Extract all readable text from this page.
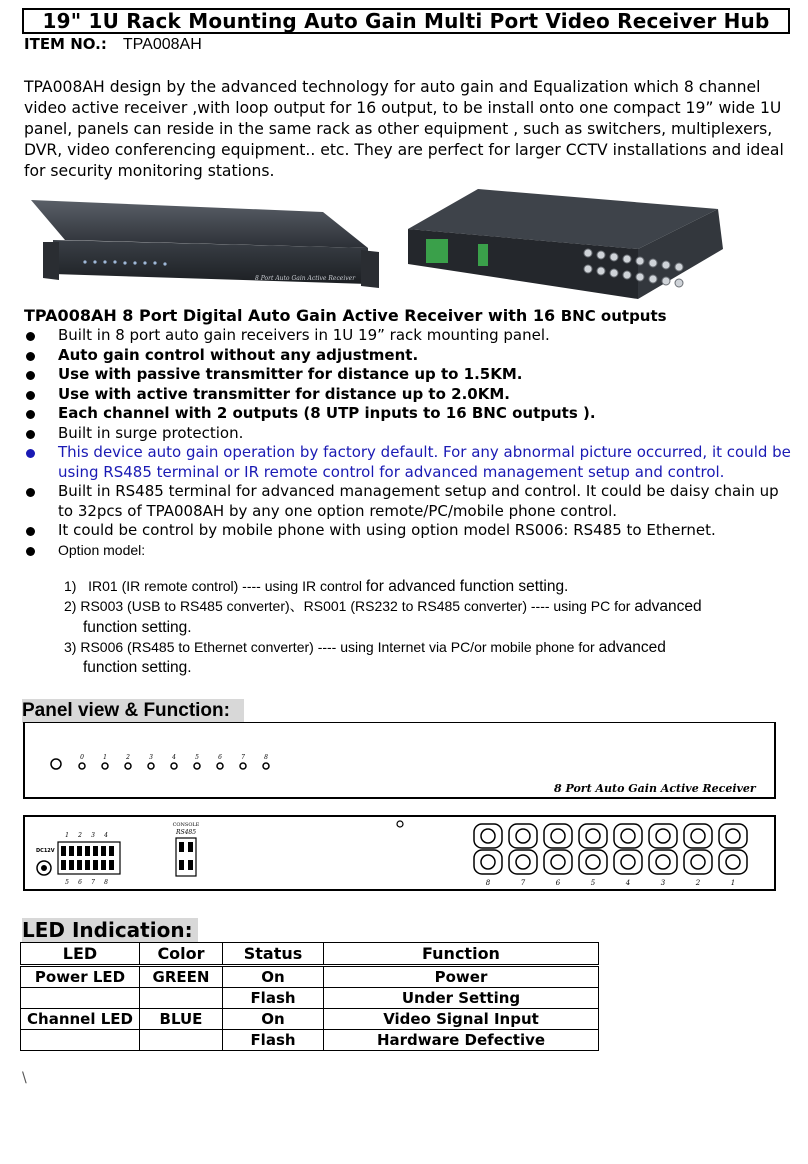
19" 1U Rack Mounting Auto Gain Multi Port Video Receiver Hub
ITEM NO.: TPA008AH
TPA008AH design by the advanced technology for auto gain and Equalization which 8 channel video active receiver ,with loop output for 16 output, to be install onto one compact 19” wide 1U panel, panels can reside in the same rack as other equipment , such as switchers, multiplexers, DVR, video conferencing equipment.. etc. They are perfect for larger CCTV installations and ideal for security monitoring stations.
8 Port Auto Gain Active Receiver
TPA008AH 8 Port Digital Auto Gain Active Receiver with 16 BNC outputs
Built in 8 port auto gain receivers in 1U 19” rack mounting panel.
Auto gain control without any adjustment.
Use with passive transmitter for distance up to 1.5KM.
Use with active transmitter for distance up to 2.0KM.
Each channel with 2 outputs (8 UTP inputs to 16 BNC outputs ).
Built in surge protection.
This device auto gain operation by factory default. For any abnormal picture occurred, it could be using RS485 terminal or IR remote control for advanced management setup and control.
Built in RS485 terminal for advanced management setup and control. It could be daisy chain up to 32pcs of TPA008AH by any one option remote/PC/mobile phone control.
It could be control by mobile phone with using option model RS006: RS485 to Ethernet.
Option model:
1) IR01 (IR remote control) ---- using IR control for advanced function setting.
2) RS003 (USB to RS485 converter)、RS001 (RS232 to RS485 converter) ---- using PC for advanced
function setting.
3) RS006 (RS485 to Ethernet converter) ---- using Internet via PC/or mobile phone for advanced
function setting.
Panel view & Function:
0	1	2	3	4	5	6	7	8
8 Port Auto Gain Active Receiver
DC12V
1 2 3 4
5 6 7 8
CONSOLE
RS485
8	7	6	5	4	3	2	1
LED Indication:
LED	Color	Status	Function
Power LED	GREEN	On	Power
		Flash	Under Setting
Channel LED	BLUE	On	Video Signal Input
		Flash	Hardware Defective
\
